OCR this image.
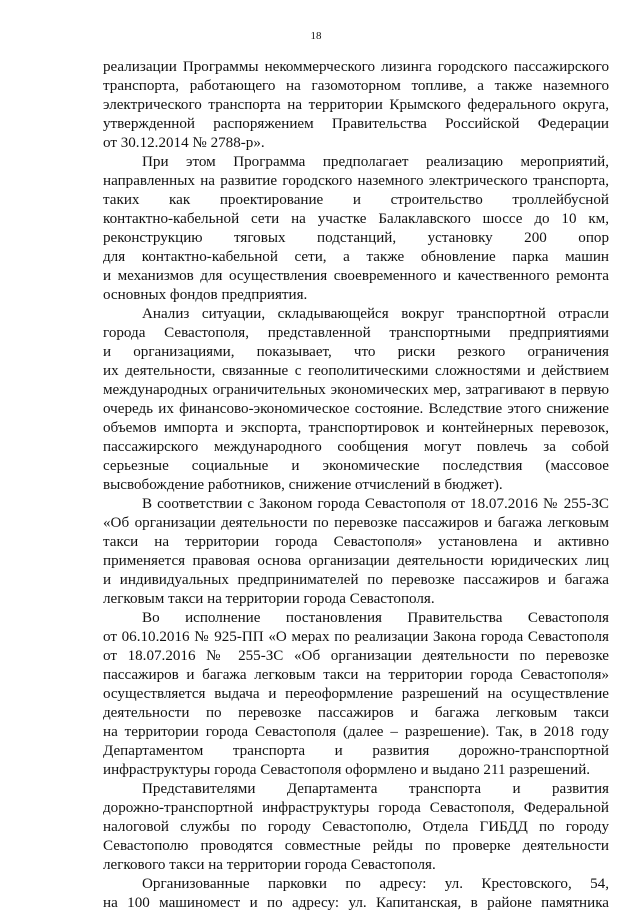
18
реализации Программы некоммерческого лизинга городского пассажирского
транспорта, работающего на газомоторном топливе, а также наземного
электрического транспорта на территории Крымского федерального округа,
утвержденной распоряжением Правительства Российской Федерации
от 30.12.2014 № 2788-р».
При этом Программа предполагает реализацию мероприятий,
направленных на развитие городского наземного электрического транспорта,
таких как проектирование и строительство троллейбусной
контактно-кабельной сети на участке Балаклавского шоссе до 10 км,
реконструкцию тяговых подстанций, установку 200 опор
для контактно-кабельной сети, а также обновление парка машин
и механизмов для осуществления своевременного и качественного ремонта
основных фондов предприятия.
Анализ ситуации, складывающейся вокруг транспортной отрасли
города Севастополя, представленной транспортными предприятиями
и организациями, показывает, что риски резкого ограничения
их деятельности, связанные с геополитическими сложностями и действием
международных ограничительных экономических мер, затрагивают в первую
очередь их финансово-экономическое состояние. Вследствие этого снижение
объемов импорта и экспорта, транспортировок и контейнерных перевозок,
пассажирского международного сообщения могут повлечь за собой
серьезные социальные и экономические последствия (массовое
высвобождение работников, снижение отчислений в бюджет).
В соответствии с Законом города Севастополя от 18.07.2016 № 255-ЗС
«Об организации деятельности по перевозке пассажиров и багажа легковым
такси на территории города Севастополя» установлена и активно
применяется правовая основа организации деятельности юридических лиц
и индивидуальных предпринимателей по перевозке пассажиров и багажа
легковым такси на территории города Севастополя.
Во исполнение постановления Правительства Севастополя
от 06.10.2016 № 925-ПП «О мерах по реализации Закона города Севастополя
от 18.07.2016 № 255-ЗС «Об организации деятельности по перевозке
пассажиров и багажа легковым такси на территории города Севастополя»
осуществляется выдача и переоформление разрешений на осуществление
деятельности по перевозке пассажиров и багажа легковым такси
на территории города Севастополя (далее – разрешение). Так, в 2018 году
Департаментом транспорта и развития дорожно-транспортной
инфраструктуры города Севастополя оформлено и выдано 211 разрешений.
Представителями Департамента транспорта и развития
дорожно-транспортной инфраструктуры города Севастополя, Федеральной
налоговой службы по городу Севастополю, Отдела ГИБДД по городу
Севастополю проводятся совместные рейды по проверке деятельности
легкового такси на территории города Севастополя.
Организованные парковки по адресу: ул. Крестовского, 54,
на 100 машиномест и по адресу: ул. Капитанская, в районе памятника
